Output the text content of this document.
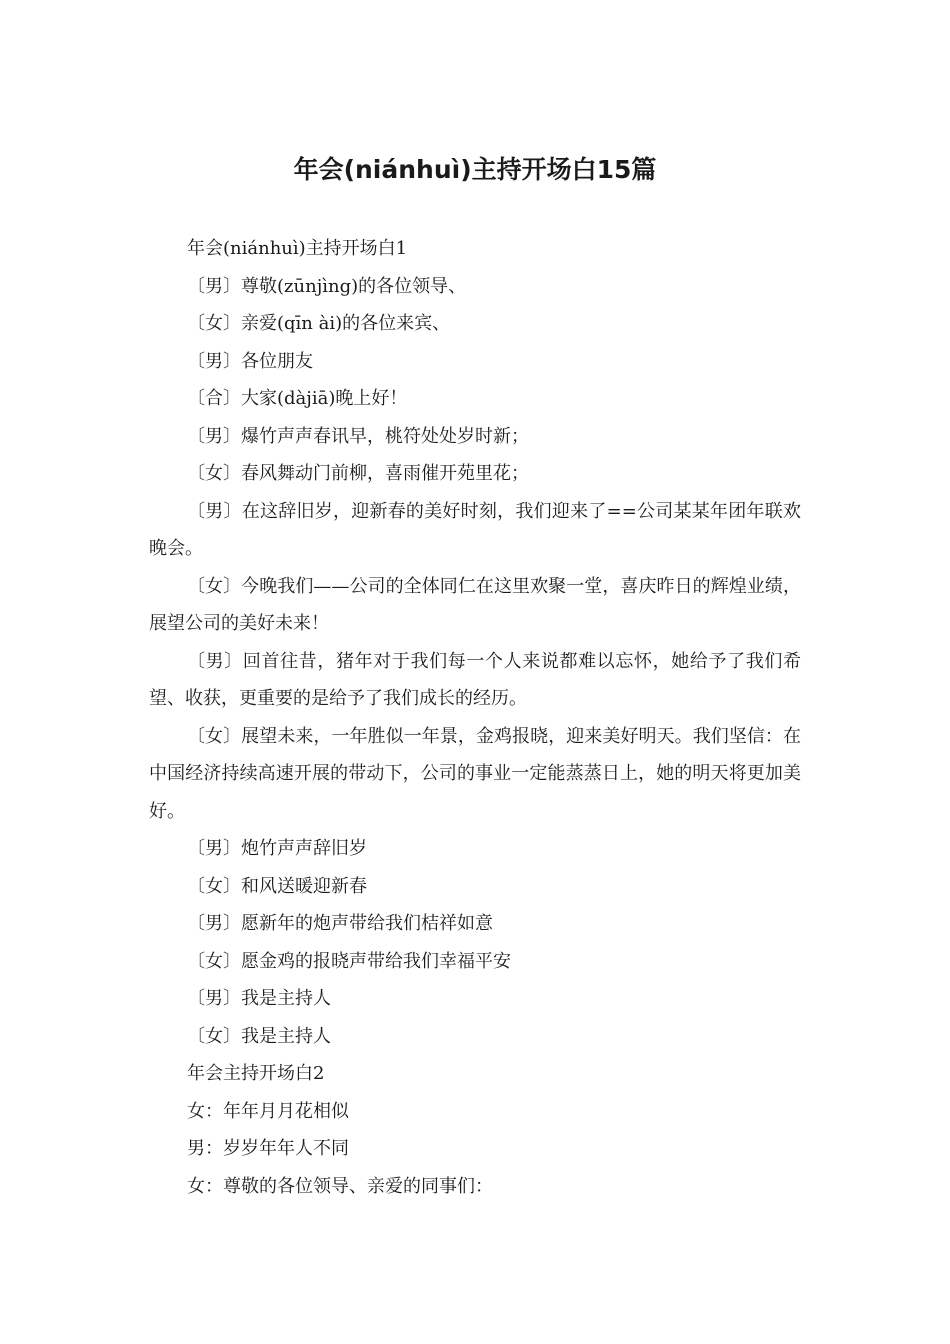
年会(niánhuì)主持开场白15篇

年会(niánhuì)主持开场白1

〔男〕尊敬(zūnjìng)的各位领导、

〔女〕亲爱(qīn ài)的各位来宾、

〔男〕各位朋友

〔合〕大家(dàjiā)晚上好！

〔男〕爆竹声声春讯早，桃符处处岁时新；

〔女〕春风舞动门前柳，喜雨催开苑里花；

〔男〕在这辞旧岁，迎新春的美好时刻，我们迎来了==公司某某年团年联欢晚会。

〔女〕今晚我们——公司的全体同仁在这里欢聚一堂，喜庆昨日的辉煌业绩，展望公司的美好未来！

〔男〕回首往昔，猪年对于我们每一个人来说都难以忘怀，她给予了我们希望、收获，更重要的是给予了我们成长的经历。

〔女〕展望未来，一年胜似一年景，金鸡报晓，迎来美好明天。我们坚信：在中国经济持续高速开展的带动下，公司的事业一定能蒸蒸日上，她的明天将更加美好。

〔男〕炮竹声声辞旧岁

〔女〕和风送暖迎新春

〔男〕愿新年的炮声带给我们桔祥如意

〔女〕愿金鸡的报晓声带给我们幸福平安

〔男〕我是主持人

〔女〕我是主持人

年会主持开场白2

女：年年月月花相似

男：岁岁年年人不同

女：尊敬的各位领导、亲爱的同事们：
